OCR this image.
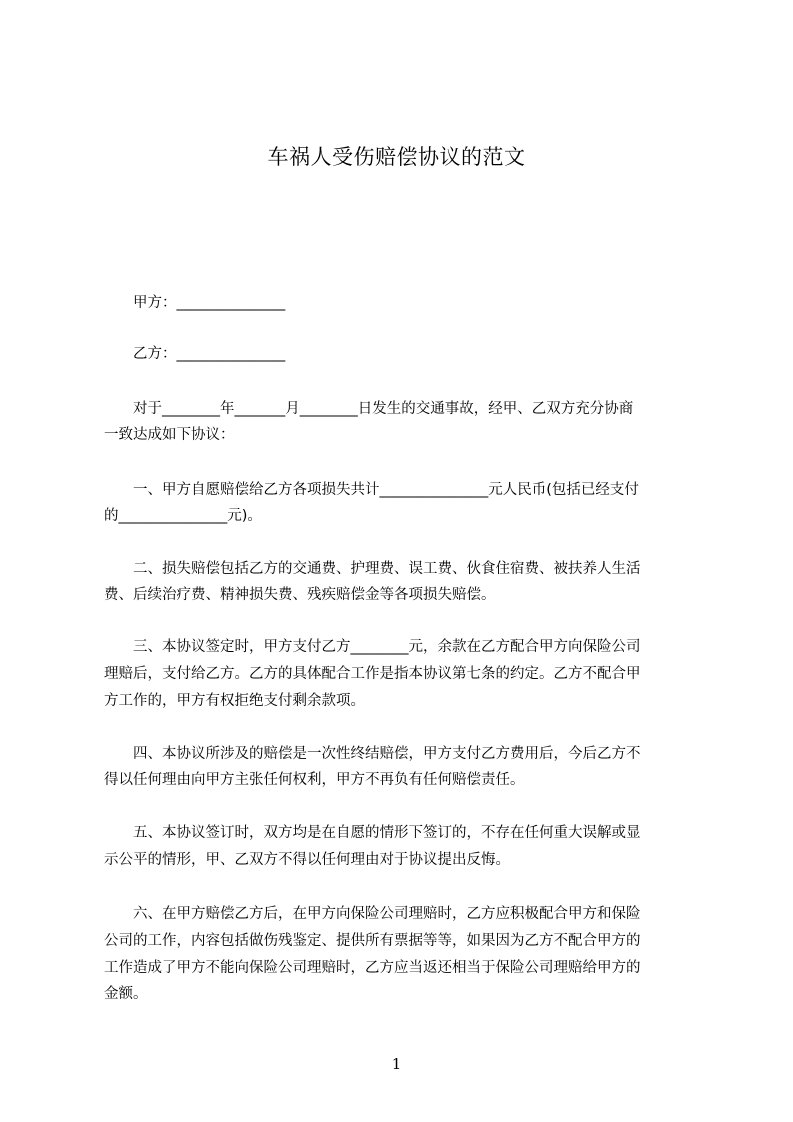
车祸人受伤赔偿协议的范文
　　甲方：_______________
　　乙方：_______________
　　对于________年_______月________日发生的交通事故，经甲、乙双方充分协商
一致达成如下协议：
　　一、甲方自愿赔偿给乙方各项损失共计_______________元人民币(包括已经支付
的_______________元)。
　　二、损失赔偿包括乙方的交通费、护理费、误工费、伙食住宿费、被扶养人生活
费、后续治疗费、精神损失费、残疾赔偿金等各项损失赔偿。
　　三、本协议签定时，甲方支付乙方________元，余款在乙方配合甲方向保险公司
理赔后，支付给乙方。乙方的具体配合工作是指本协议第七条的约定。乙方不配合甲
方工作的，甲方有权拒绝支付剩余款项。
　　四、本协议所涉及的赔偿是一次性终结赔偿，甲方支付乙方费用后，今后乙方不
得以任何理由向甲方主张任何权利，甲方不再负有任何赔偿责任。
　　五、本协议签订时，双方均是在自愿的情形下签订的，不存在任何重大误解或显
示公平的情形，甲、乙双方不得以任何理由对于协议提出反悔。
　　六、在甲方赔偿乙方后，在甲方向保险公司理赔时，乙方应积极配合甲方和保险
公司的工作，内容包括做伤残鉴定、提供所有票据等等，如果因为乙方不配合甲方的
工作造成了甲方不能向保险公司理赔时，乙方应当返还相当于保险公司理赔给甲方的
金额。
1
